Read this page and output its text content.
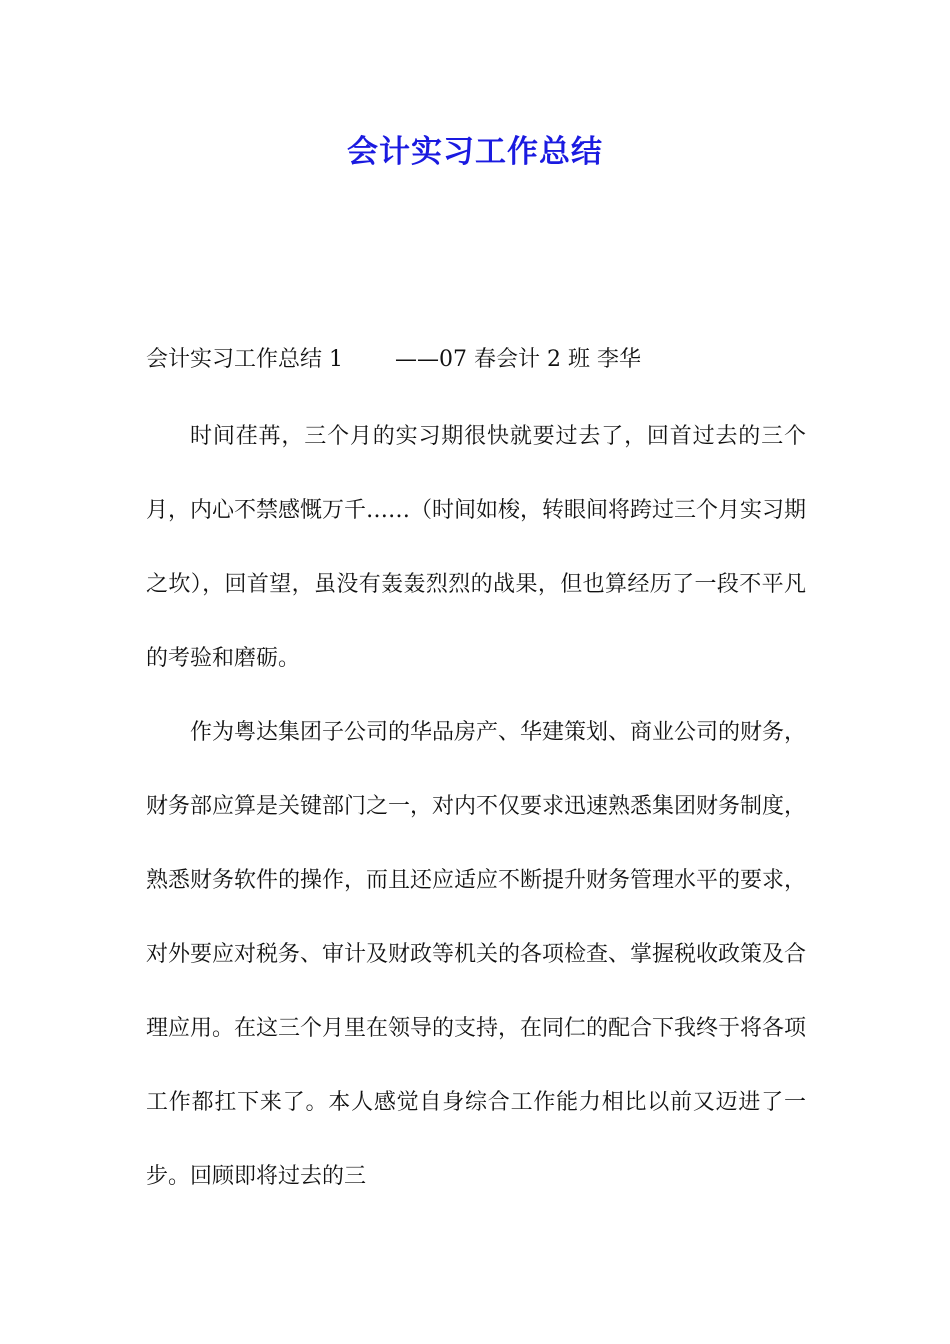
会计实习工作总结
会计实习工作总结 1 ——07 春会计 2 班 李华
时间荏苒，三个月的实习期很快就要过去了，回首过去的三个月，内心不禁感慨万千……（时间如梭，转眼间将跨过三个月实习期之坎），回首望，虽没有轰轰烈烈的战果，但也算经历了一段不平凡的考验和磨砺。
作为粤达集团子公司的华品房产、华建策划、商业公司的财务，财务部应算是关键部门之一，对内不仅要求迅速熟悉集团财务制度，熟悉财务软件的操作，而且还应适应不断提升财务管理水平的要求，对外要应对税务、审计及财政等机关的各项检查、掌握税收政策及合理应用。在这三个月里在领导的支持，在同仁的配合下我终于将各项工作都扛下来了。本人感觉自身综合工作能力相比以前又迈进了一步。回顾即将过去的三
